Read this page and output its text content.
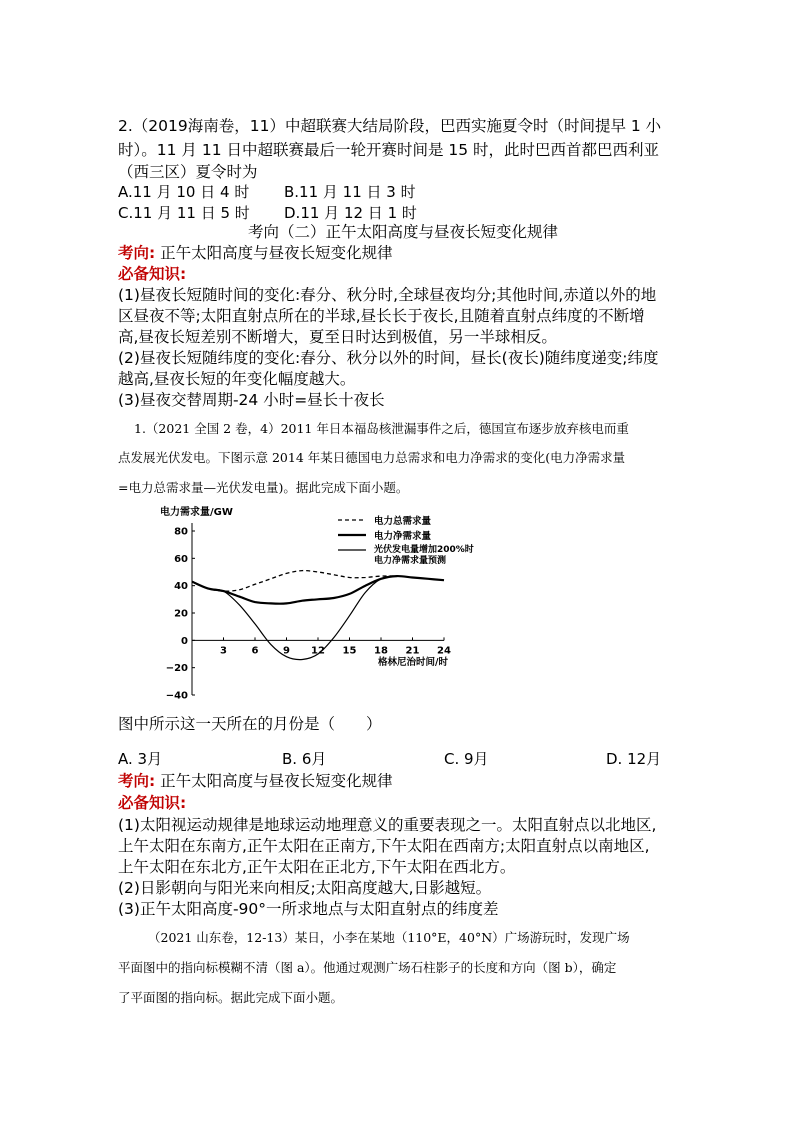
2.（2019海南卷，11）中超联赛大结局阶段，巴西实施夏令时（时间提早 1 小
时）。11 月 11 日中超联赛最后一轮开赛时间是 15 时，此时巴西首都巴西利亚
（西三区）夏令时为
A.11 月 10 日 4 时 B.11 月 11 日 3 时
C.11 月 11 日 5 时 D.11 月 12 日 1 时
考向（二）正午太阳高度与昼夜长短变化规律
考向: 正午太阳高度与昼夜长短变化规律
必备知识:
(1)昼夜长短随时间的变化:春分、秋分时,全球昼夜均分;其他时间,赤道以外的地
区昼夜不等;太阳直射点所在的半球,昼长长于夜长,且随着直射点纬度的不断增
高,昼夜长短差别不断增大，夏至日时达到极值，另一半球相反。
(2)昼夜长短随纬度的变化:春分、秋分以外的时间，昼长(夜长)随纬度递变;纬度
越高,昼夜长短的年变化幅度越大。
(3)昼夜交替周期-24 小时=昼长十夜长
1.（2021 全国 2 卷，4）2011 年日本福岛核泄漏事件之后，德国宣布逐步放弃核电而重
点发展光伏发电。下图示意 2014 年某日德国电力总需求和电力净需求的变化(电力净需求量
=电力总需求量—光伏发电量)。据此完成下面小题。
80
60
40
20
0
−20
−40
3 6 9 12 15 18 21 24
电力需求量/GW
格林尼治时间/时
电力总需求量
电力净需求量
光伏发电量增加200%时
电力净需求量预测
图中所示这一天所在的月份是（　　）
A. 3月	B. 6月	C. 9月	D. 12月
考向: 正午太阳高度与昼夜长短变化规律
必备知识:
(1)太阳视运动规律是地球运动地理意义的重要表现之一。太阳直射点以北地区,
上午太阳在东南方,正午太阳在正南方,下午太阳在西南方;太阳直射点以南地区,
上午太阳在东北方,正午太阳在正北方,下午太阳在西北方。
(2)日影朝向与阳光来向相反;太阳高度越大,日影越短。
(3)正午太阳高度-90°一所求地点与太阳直射点的纬度差
（2021 山东卷，12-13）某日，小李在某地（110°E，40°N）广场游玩时，发现广场
平面图中的指向标模糊不清（图 a）。他通过观测广场石柱影子的长度和方向（图 b），确定
了平面图的指向标。据此完成下面小题。
